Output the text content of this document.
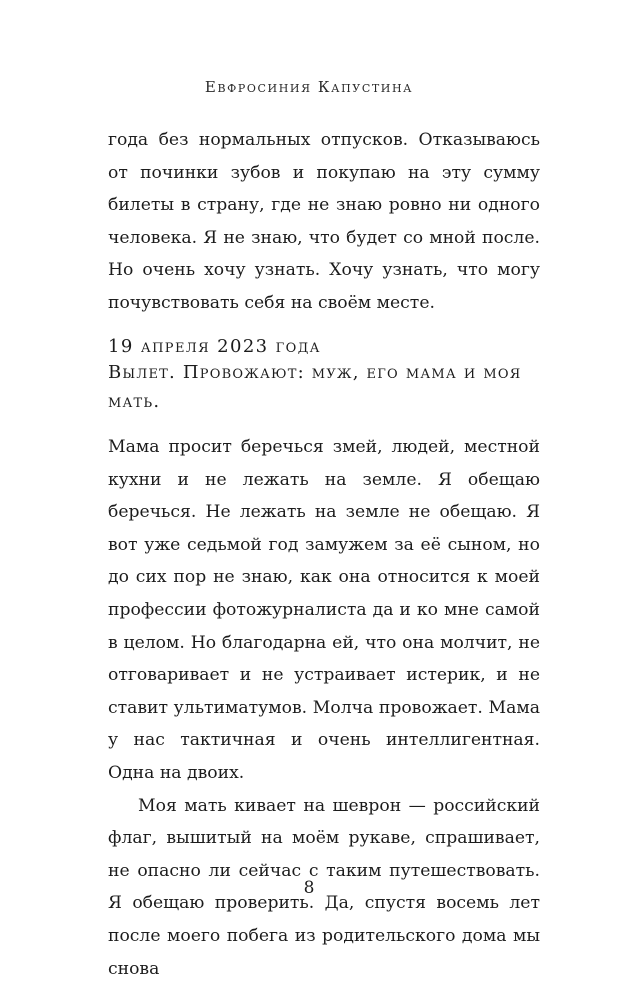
Евфросиния Капустина

года без нормальных отпусков. Отказываюсь от починки зубов и покупаю на эту сумму билеты в страну, где не знаю ровно ни одного человека. Я не знаю, что будет со мной после. Но очень хочу узнать. Хочу узнать, что могу почувствовать себя на своём месте.

19 апреля 2023 года
Вылет. Провожают: муж, его мама и моя мать.

Мама просит беречься змей, людей, местной кухни и не лежать на земле. Я обещаю беречься. Не лежать на земле не обещаю. Я вот уже седьмой год замужем за её сыном, но до сих пор не знаю, как она относится к моей профессии фотожурналиста да и ко мне самой в целом. Но благодарна ей, что она молчит, не отговаривает и не устраивает истерик, и не ставит ультиматумов. Молча провожает. Мама у нас тактичная и очень интеллигентная. Одна на двоих.

Моя мать кивает на шеврон — российский флаг, вышитый на моём рукаве, спрашивает, не опасно ли сейчас с таким путешествовать. Я обещаю проверить. Да, спустя восемь лет после моего побега из родительского дома мы снова

8
